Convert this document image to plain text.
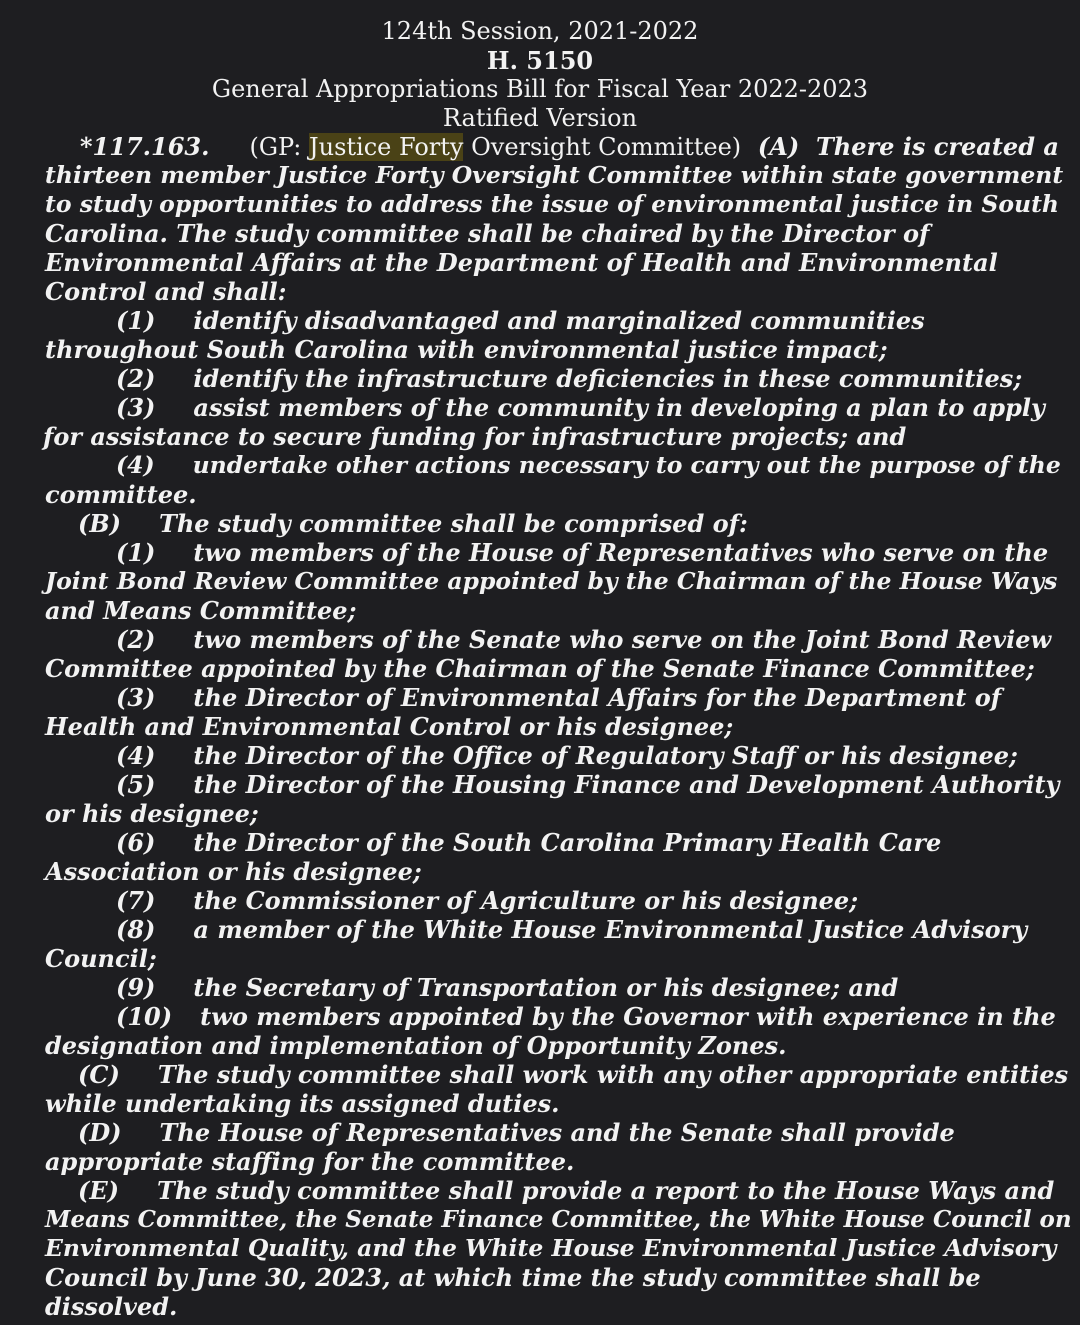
124th Session, 2021-2022
H. 5150
General Appropriations Bill for Fiscal Year 2022-2023
Ratified Version
*117.163. (GP: Justice Forty Oversight Committee) (A) There is created a
thirteen member Justice Forty Oversight Committee within state government
to study opportunities to address the issue of environmental justice in South
Carolina. The study committee shall be chaired by the Director of
Environmental Affairs at the Department of Health and Environmental
Control and shall:
(1) identify disadvantaged and marginalized communities
throughout South Carolina with environmental justice impact;
(2) identify the infrastructure deficiencies in these communities;
(3) assist members of the community in developing a plan to apply
for assistance to secure funding for infrastructure projects; and
(4) undertake other actions necessary to carry out the purpose of the
committee.
(B) The study committee shall be comprised of:
(1) two members of the House of Representatives who serve on the
Joint Bond Review Committee appointed by the Chairman of the House Ways
and Means Committee;
(2) two members of the Senate who serve on the Joint Bond Review
Committee appointed by the Chairman of the Senate Finance Committee;
(3) the Director of Environmental Affairs for the Department of
Health and Environmental Control or his designee;
(4) the Director of the Office of Regulatory Staff or his designee;
(5) the Director of the Housing Finance and Development Authority
or his designee;
(6) the Director of the South Carolina Primary Health Care
Association or his designee;
(7) the Commissioner of Agriculture or his designee;
(8) a member of the White House Environmental Justice Advisory
Council;
(9) the Secretary of Transportation or his designee; and
(10) two members appointed by the Governor with experience in the
designation and implementation of Opportunity Zones.
(C) The study committee shall work with any other appropriate entities
while undertaking its assigned duties.
(D) The House of Representatives and the Senate shall provide
appropriate staffing for the committee.
(E) The study committee shall provide a report to the House Ways and
Means Committee, the Senate Finance Committee, the White House Council on
Environmental Quality, and the White House Environmental Justice Advisory
Council by June 30, 2023, at which time the study committee shall be
dissolved.
